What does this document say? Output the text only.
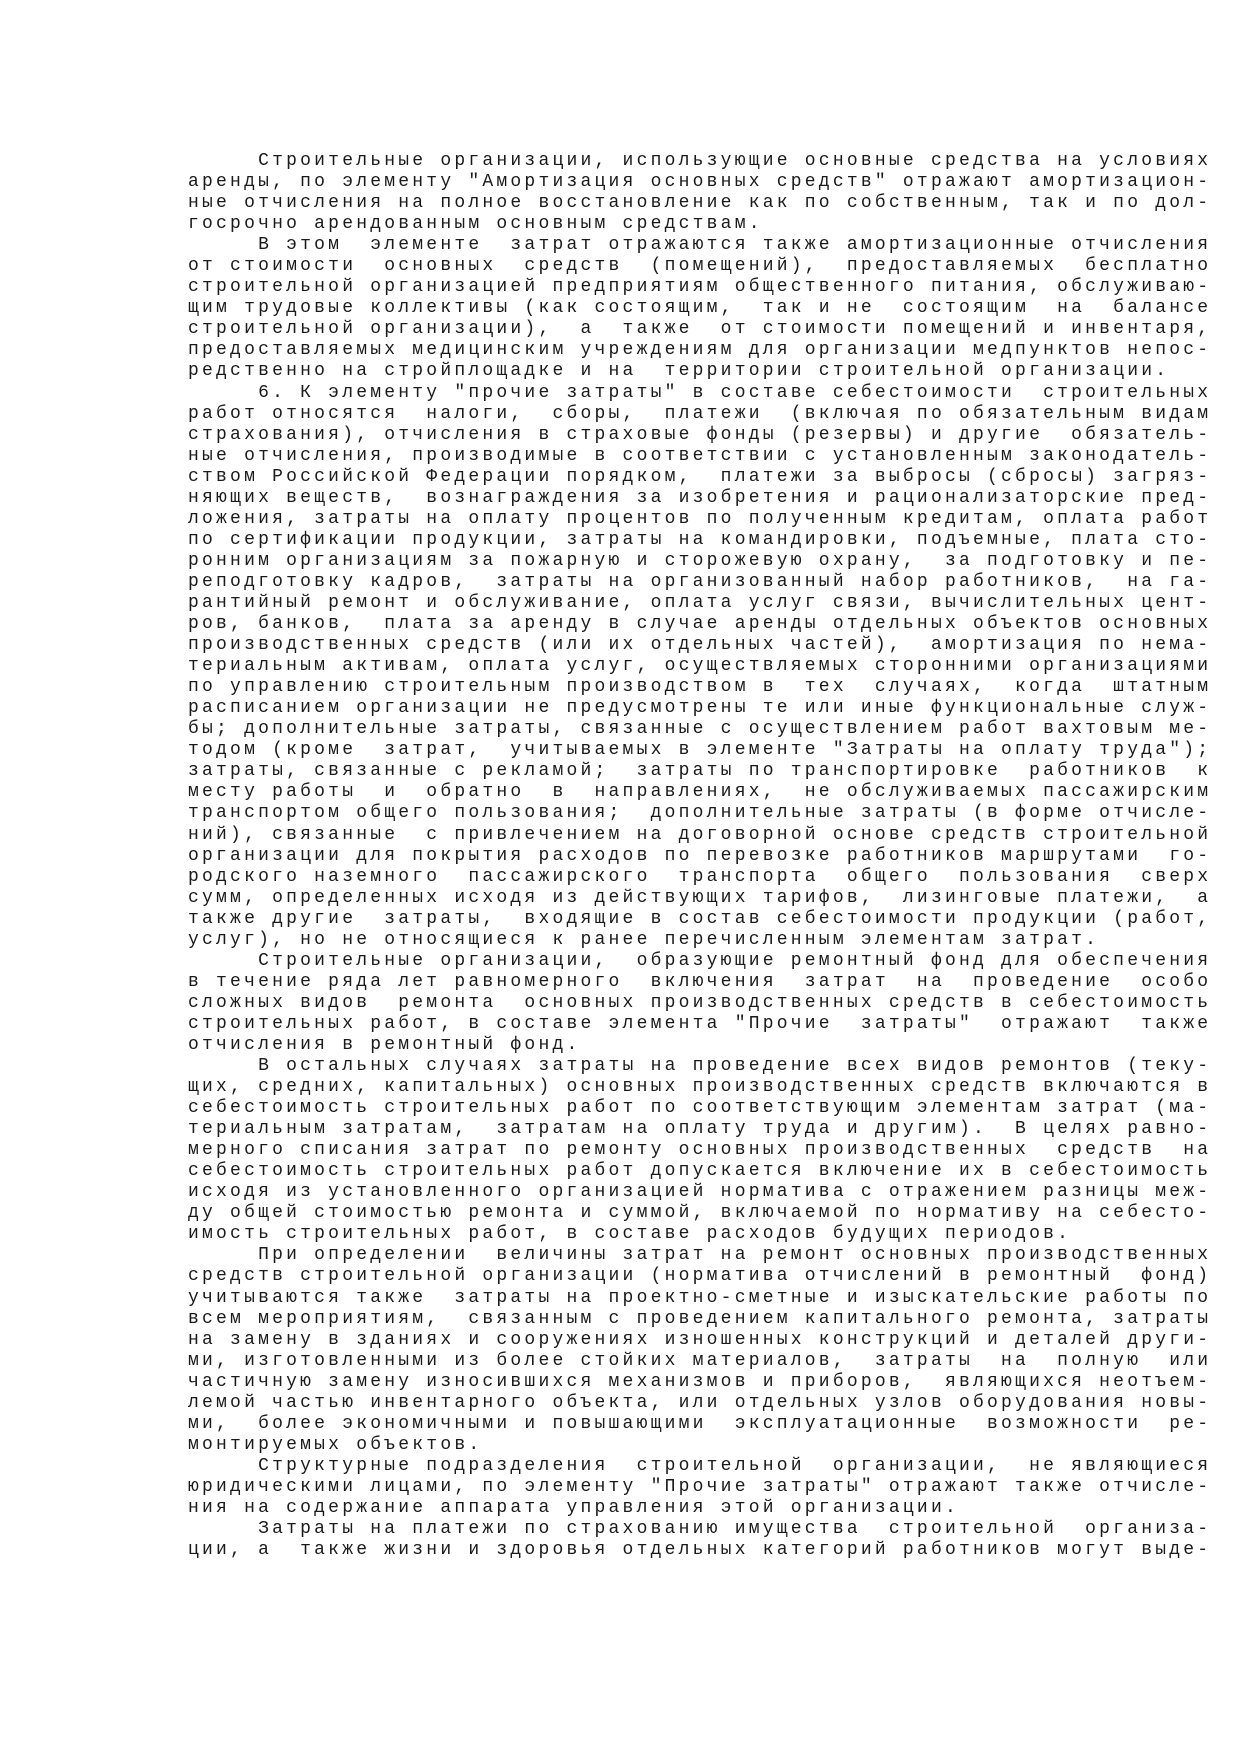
Строительные организации, использующие основные средства на условиях
аренды, по элементу "Амортизация основных средств" отражают амортизацион-
ные отчисления на полное восстановление как по собственным, так и по дол-
госрочно арендованным основным средствам.
В этом  элементе  затрат отражаются также амортизационные отчисления
от стоимости  основных  средств  (помещений),  предоставляемых  бесплатно
строительной организацией предприятиям общественного питания, обслуживаю-
щим трудовые коллективы (как состоящим,  так и не  состоящим  на  балансе
строительной организации),  а  также  от стоимости помещений и инвентаря,
предоставляемых медицинским учреждениям для организации медпунктов непос-
редственно на стройплощадке и на  территории строительной организации.
6. К элементу "прочие затраты" в составе себестоимости  строительных
работ относятся  налоги,  сборы,  платежи  (включая по обязательным видам
страхования), отчисления в страховые фонды (резервы) и другие  обязатель-
ные отчисления, производимые в соответствии с установленным законодатель-
ством Российской Федерации порядком,  платежи за выбросы (сбросы) загряз-
няющих веществ,  вознаграждения за изобретения и рационализаторские пред-
ложения, затраты на оплату процентов по полученным кредитам, оплата работ
по сертификации продукции, затраты на командировки, подъемные, плата сто-
ронним организациям за пожарную и сторожевую охрану,  за подготовку и пе-
реподготовку кадров,  затраты на организованный набор работников,  на га-
рантийный ремонт и обслуживание, оплата услуг связи, вычислительных цент-
ров, банков,  плата за аренду в случае аренды отдельных объектов основных
производственных средств (или их отдельных частей),  амортизация по нема-
териальным активам, оплата услуг, осуществляемых сторонними организациями
по управлению строительным производством в  тех  случаях,  когда  штатным
расписанием организации не предусмотрены те или иные функциональные служ-
бы; дополнительные затраты, связанные с осуществлением работ вахтовым ме-
тодом (кроме  затрат,  учитываемых в элементе "Затраты на оплату труда");
затраты, связанные с рекламой;  затраты по транспортировке  работников  к
месту работы  и  обратно  в  направлениях,  не обслуживаемых пассажирским
транспортом общего пользования;  дополнительные затраты (в форме отчисле-
ний), связанные  с привлечением на договорной основе средств строительной
организации для покрытия расходов по перевозке работников маршрутами  го-
родского наземного  пассажирского  транспорта  общего  пользования  сверх
сумм, определенных исходя из действующих тарифов,  лизинговые платежи,  а
также другие  затраты,  входящие в состав себестоимости продукции (работ,
услуг), но не относящиеся к ранее перечисленным элементам затрат.
Строительные организации,  образующие ремонтный фонд для обеспечения
в течение ряда лет равномерного  включения  затрат  на  проведение  особо
сложных видов  ремонта  основных производственных средств в себестоимость
строительных работ, в составе элемента "Прочие  затраты"  отражают  также
отчисления в ремонтный фонд.
В остальных случаях затраты на проведение всех видов ремонтов (теку-
щих, средних, капитальных) основных производственных средств включаются в
себестоимость строительных работ по соответствующим элементам затрат (ма-
териальным затратам,  затратам на оплату труда и другим).  В целях равно-
мерного списания затрат по ремонту основных производственных  средств  на
себестоимость строительных работ допускается включение их в себестоимость
исходя из установленного организацией норматива с отражением разницы меж-
ду общей стоимостью ремонта и суммой, включаемой по нормативу на себесто-
имость строительных работ, в составе расходов будущих периодов.
При определении  величины затрат на ремонт основных производственных
средств строительной организации (норматива отчислений в ремонтный  фонд)
учитываются также  затраты на проектно-сметные и изыскательские работы по
всем мероприятиям,  связанным с проведением капитального ремонта, затраты
на замену в зданиях и сооружениях изношенных конструкций и деталей други-
ми, изготовленными из более стойких материалов,  затраты  на  полную  или
частичную замену износившихся механизмов и приборов,  являющихся неотъем-
лемой частью инвентарного объекта, или отдельных узлов оборудования новы-
ми,  более экономичными и повышающими  эксплуатационные  возможности  ре-
монтируемых объектов.
Структурные подразделения  строительной  организации,  не являющиеся
юридическими лицами, по элементу "Прочие затраты" отражают также отчисле-
ния на содержание аппарата управления этой организации.
Затраты на платежи по страхованию имущества  строительной  организа-
ции, а  также жизни и здоровья отдельных категорий работников могут выде-
